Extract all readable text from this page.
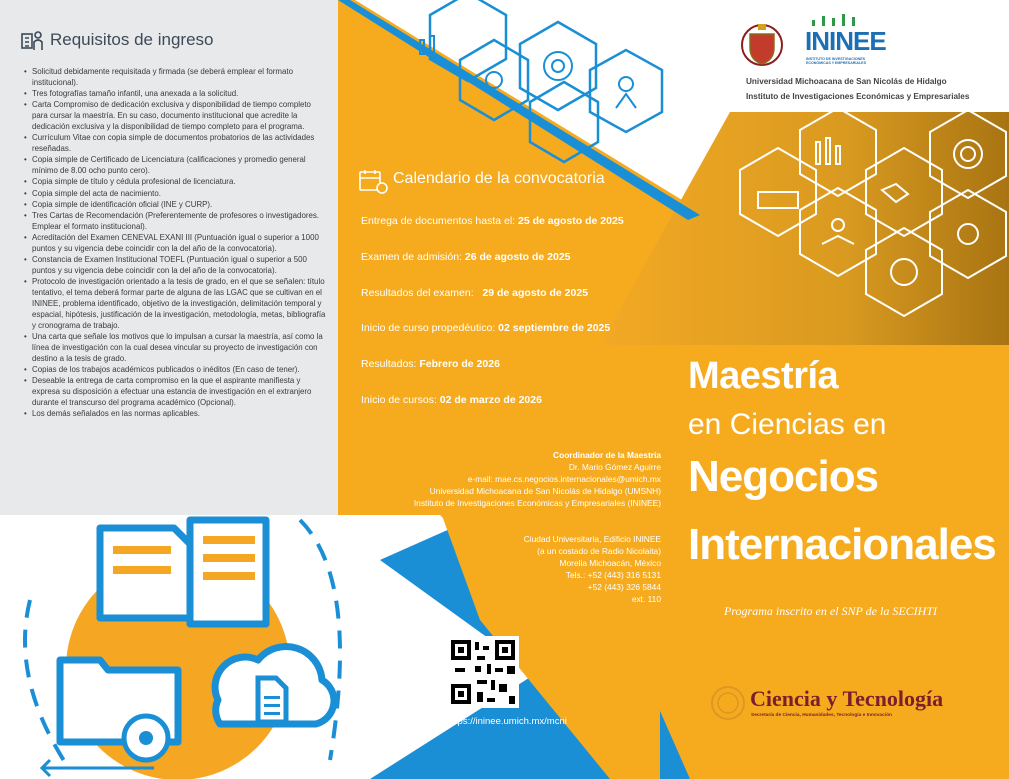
Requisitos de ingreso
• Solicitud debidamente requisitada y firmada (se deberá emplear el formato institucional).
• Tres fotografías tamaño infantil, una anexada a la solicitud.
• Carta Compromiso de dedicación exclusiva y disponibilidad de tiempo completo para cursar la maestría. En su caso, documento institucional que acredite la dedicación exclusiva y la disponibilidad de tiempo completo para el programa.
• Currículum Vitae con copia simple de documentos probatorios de las actividades reseñadas.
• Copia simple de Certificado de Licenciatura (calificaciones y promedio general mínimo de 8.00 ocho punto cero).
• Copia simple de título y cédula profesional de licenciatura.
• Copia simple del acta de nacimiento.
• Copia simple de identificación oficial (INE y CURP).
• Tres Cartas de Recomendación (Preferentemente de profesores o investigadores. Emplear el formato institucional).
• Acreditación del Examen CENEVAL EXANI III (Puntuación igual o superior a 1000 puntos y su vigencia debe coincidir con la del año de la convocatoria).
• Constancia de Examen Institucional TOEFL (Puntuación igual o superior a 500 puntos y su vigencia debe coincidir con la del año de la convocatoria).
• Protocolo de investigación orientado a la tesis de grado, en el que se señalen: título tentativo, el tema deberá formar parte de alguna de las LGAC que se cultivan en el ININEE, problema identificado, objetivo de la investigación, delimitación temporal y espacial, hipótesis, justificación de la investigación, metodología, metas, bibliografía y cronograma de trabajo.
• Una carta que señale los motivos que lo impulsan a cursar la maestría, así como la línea de investigación con la cual desea vincular su proyecto de investigación con destino a la tesis de grado.
• Copias de los trabajos académicos publicados o inéditos (En caso de tener).
• Deseable la entrega de carta compromiso en la que el aspirante manifiesta y expresa su disposición a efectuar una estancia de investigación en el extranjero durante el transcurso del programa académico (Opcional).
• Los demás señalados en las normas aplicables.
Calendario de la convocatoria
Entrega de documentos hasta el: 25 de agosto de 2025
Examen de admisión: 26 de agosto de 2025
Resultados del examen:   29 de agosto de 2025
Inicio de curso propedéutico: 02 septiembre de 2025
Resultados: Febrero de 2026
Inicio de cursos: 02 de marzo de 2026
Coordinador de la Maestría
Dr. Mario Gómez Aguirre
e-mail: mae.cs.negocios.internacionales@umich.mx
Universidad Michoacana de San Nicolás de Hidalgo (UMSNH)
Instituto de Investigaciones Económicas y Empresariales (ININEE)
Ciudad Universitaria, Edificio ININEE
(a un costado de Radio Nicolaita)
Morelia Michoacán, México
Tels.: +52 (443) 316 5131
+52 (443) 326 5844
ext. 110
ININEE
INSTITUTO DE INVESTIGACIONES ECONÓMICAS Y EMPRESARIALES
Universidad Michoacana de San Nicolás de Hidalgo
Instituto de Investigaciones Económicas y Empresariales
Maestría
en Ciencias en
Negocios
Internacionales
Programa inscrito en el SNP de la SECIHTI
https://ininee.umich.mx/mcni
Ciencia y Tecnología
Secretaría de Ciencia, Humanidades, Tecnología e Innovación
